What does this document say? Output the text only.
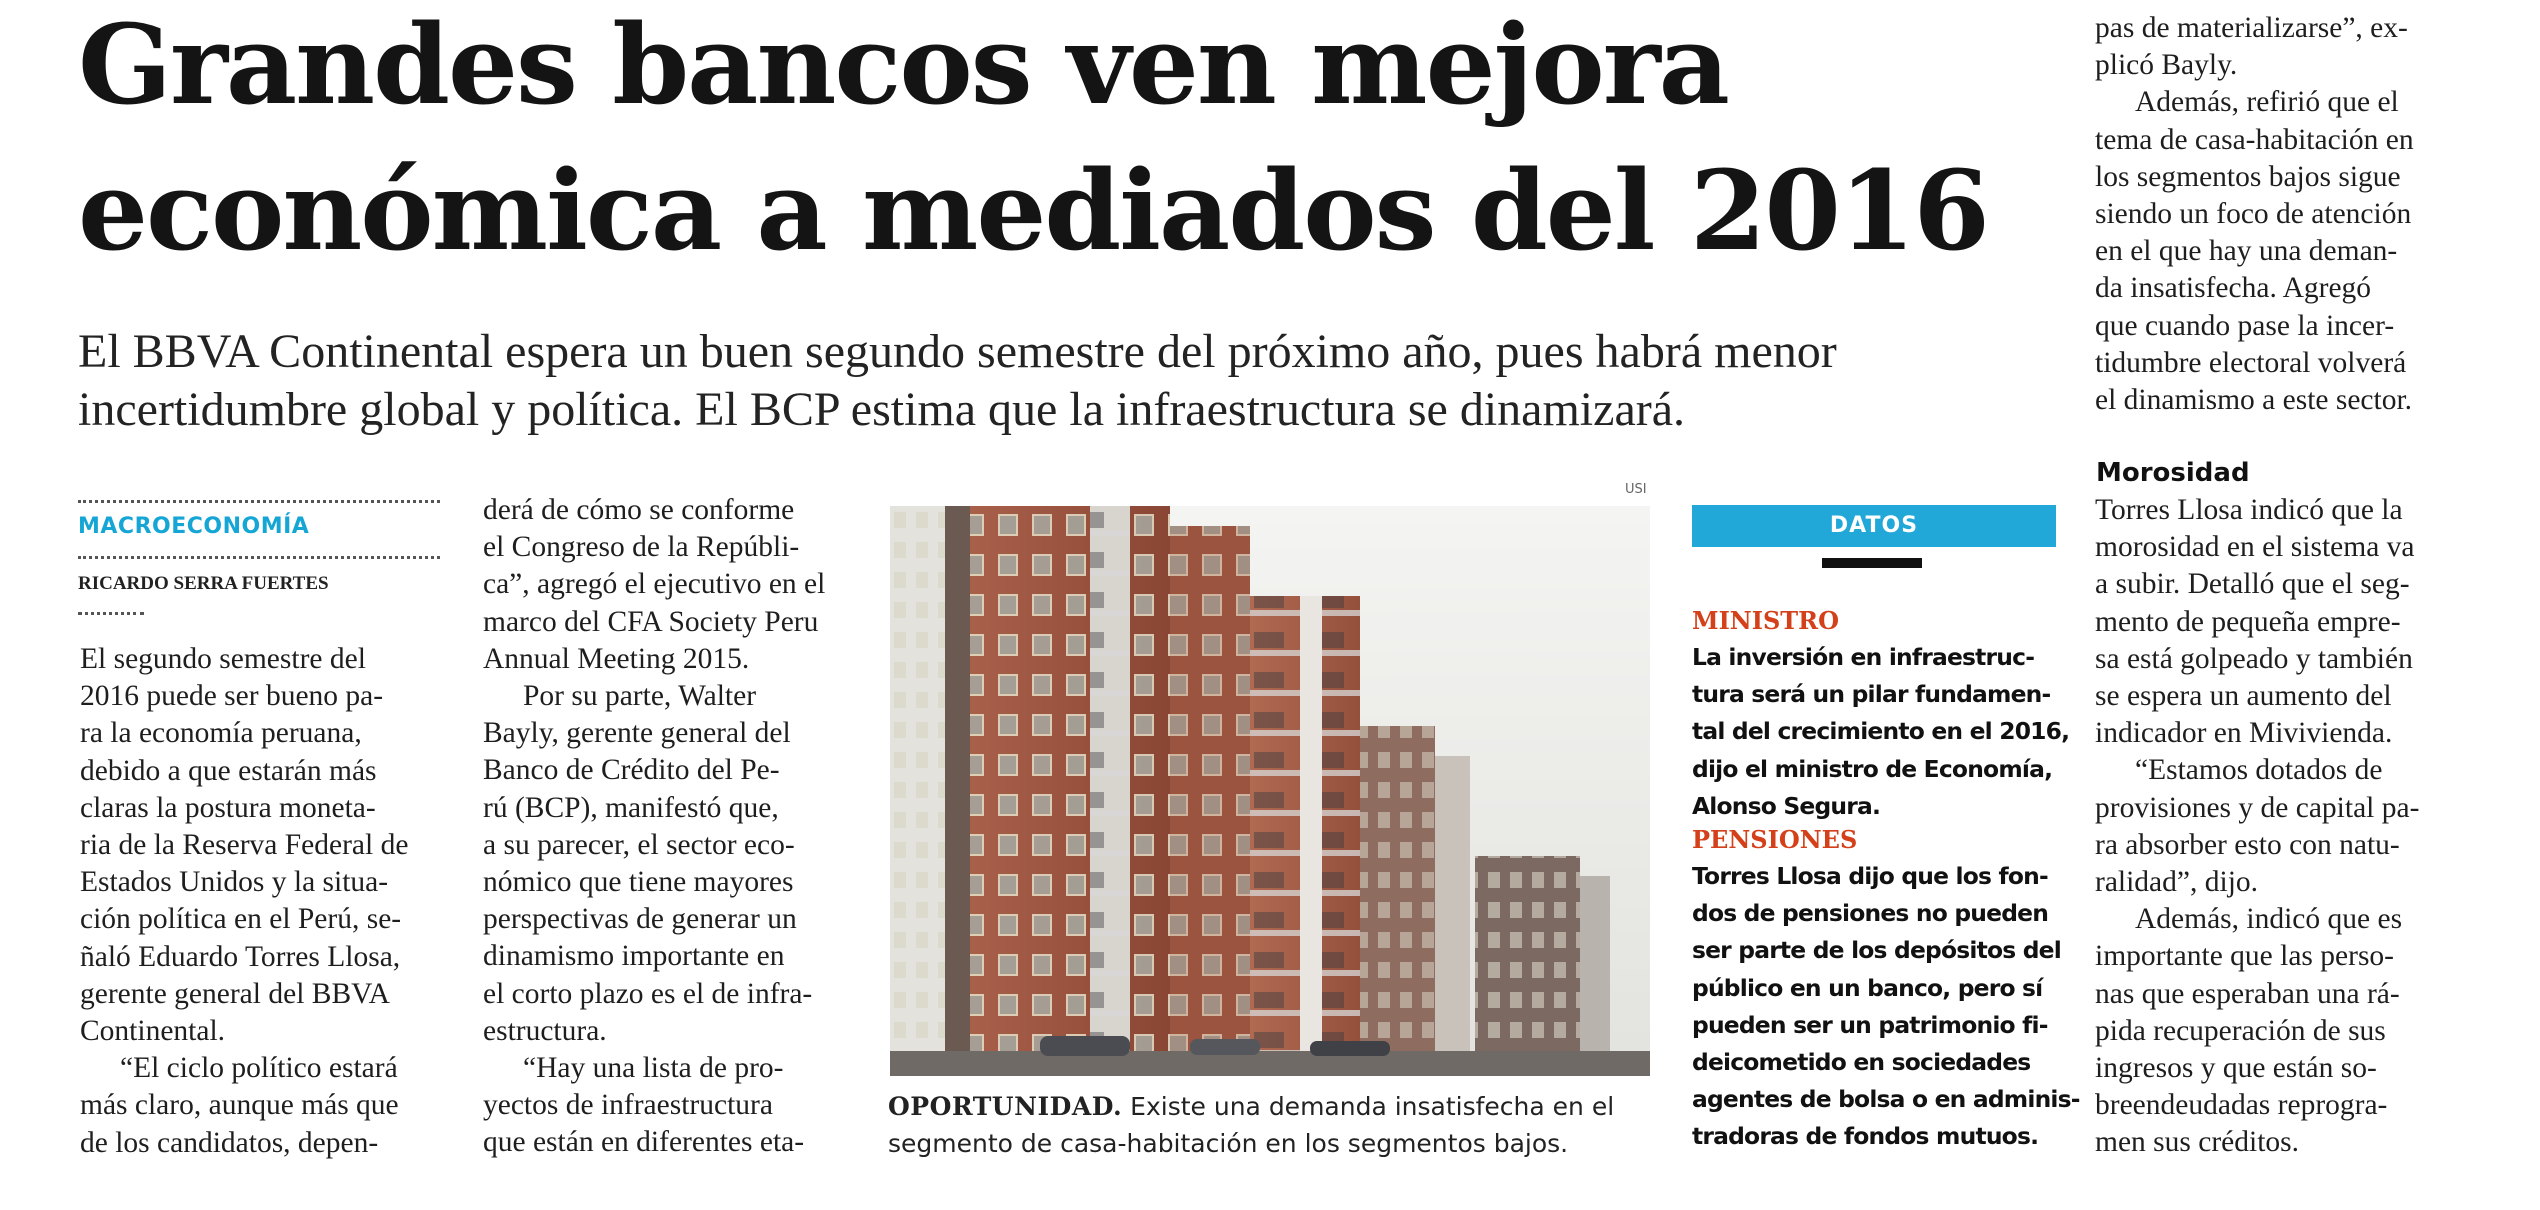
Grandes bancos ven mejora
económica a mediados del 2016
El BBVA Continental espera un buen segundo semestre del próximo año, pues habrá menor
incertidumbre global y política. El BCP estima que la infraestructura se dinamizará.
MACROECONOMÍA
RICARDO SERRA FUERTES
El segundo semestre del
2016 puede ser bueno pa-
ra la economía peruana,
debido a que estarán más
claras la postura moneta-
ria de la Reserva Federal de
Estados Unidos y la situa-
ción política en el Perú, se-
ñaló Eduardo Torres Llosa,
gerente general del BBVA
Continental.
“El ciclo político estará
más claro, aunque más que
de los candidatos, depen-
derá de cómo se conforme
el Congreso de la Repúbli-
ca”, agregó el ejecutivo en el
marco del CFA Society Peru
Annual Meeting 2015.
Por su parte, Walter
Bayly, gerente general del
Banco de Crédito del Pe-
rú (BCP), manifestó que,
a su parecer, el sector eco-
nómico que tiene mayores
perspectivas de generar un
dinamismo importante en
el corto plazo es el de infra-
estructura.
“Hay una lista de pro-
yectos de infraestructura
que están en diferentes eta-
USI
OPORTUNIDAD. Existe una demanda insatisfecha en el
segmento de casa-habitación en los segmentos bajos.
DATOS
MINISTRO
La inversión en infraestruc-
tura será un pilar fundamen-
tal del crecimiento en el 2016,
dijo el ministro de Economía,
Alonso Segura.
PENSIONES
Torres Llosa dijo que los fon-
dos de pensiones no pueden
ser parte de los depósitos del
público en un banco, pero sí
pueden ser un patrimonio fi-
deicometido en sociedades
agentes de bolsa o en adminis-
tradoras de fondos mutuos.
pas de materializarse”, ex-
plicó Bayly.
Además, refirió que el
tema de casa-habitación en
los segmentos bajos sigue
siendo un foco de atención
en el que hay una deman-
da insatisfecha. Agregó
que cuando pase la incer-
tidumbre electoral volverá
el dinamismo a este sector.
Morosidad
Torres Llosa indicó que la
morosidad en el sistema va
a subir. Detalló que el seg-
mento de pequeña empre-
sa está golpeado y también
se espera un aumento del
indicador en Mivivienda.
“Estamos dotados de
provisiones y de capital pa-
ra absorber esto con natu-
ralidad”, dijo.
Además, indicó que es
importante que las perso-
nas que esperaban una rá-
pida recuperación de sus
ingresos y que están so-
breendeudadas reprogra-
men sus créditos.
